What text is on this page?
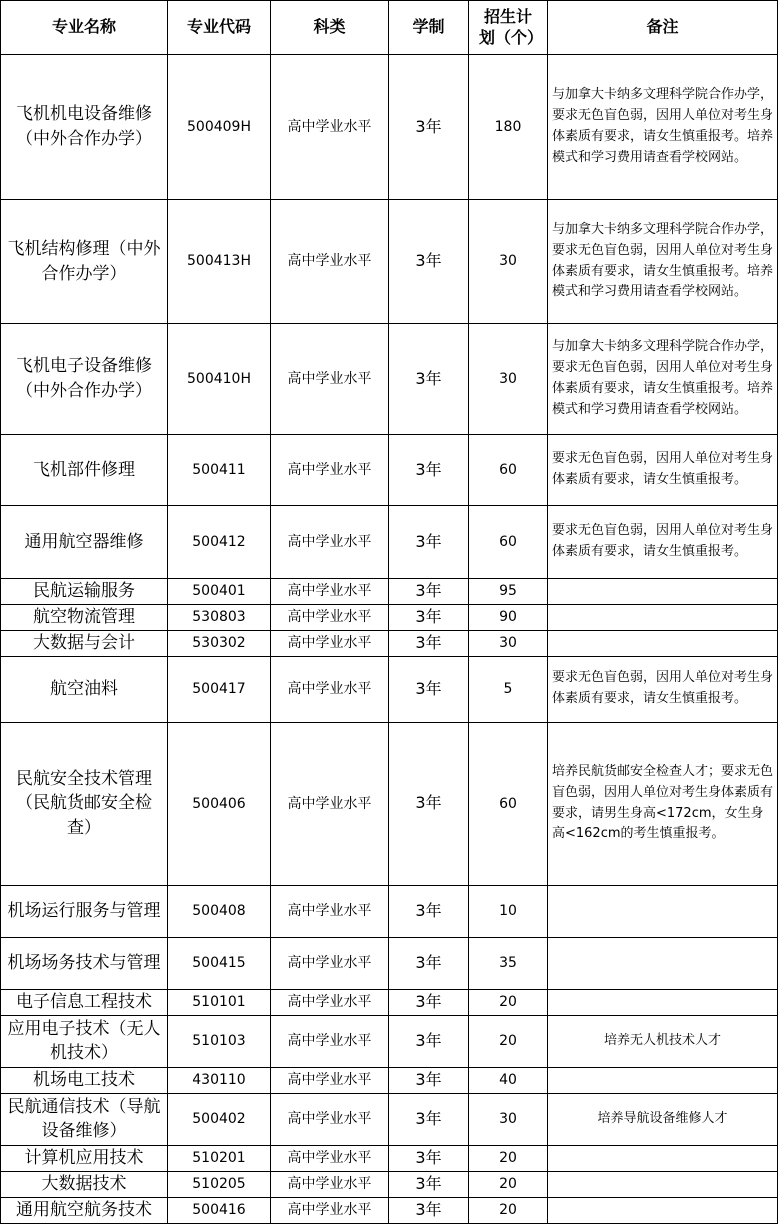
专业名称	专业代码	科类	学制	招生计划（个）	备注
飞机机电设备维修（中外合作办学）	500409H	高中学业水平	3年	180	与加拿大卡纳多文理科学院合作办学，要求无色盲色弱，因用人单位对考生身体素质有要求，请女生慎重报考。培养模式和学习费用请查看学校网站。
飞机结构修理（中外合作办学）	500413H	高中学业水平	3年	30	与加拿大卡纳多文理科学院合作办学，要求无色盲色弱，因用人单位对考生身体素质有要求，请女生慎重报考。培养模式和学习费用请查看学校网站。
飞机电子设备维修（中外合作办学）	500410H	高中学业水平	3年	30	与加拿大卡纳多文理科学院合作办学，要求无色盲色弱，因用人单位对考生身体素质有要求，请女生慎重报考。培养模式和学习费用请查看学校网站。
飞机部件修理	500411	高中学业水平	3年	60	要求无色盲色弱，因用人单位对考生身体素质有要求，请女生慎重报考。
通用航空器维修	500412	高中学业水平	3年	60	要求无色盲色弱，因用人单位对考生身体素质有要求，请女生慎重报考。
民航运输服务	500401	高中学业水平	3年	95	
航空物流管理	530803	高中学业水平	3年	90	
大数据与会计	530302	高中学业水平	3年	30	
航空油料	500417	高中学业水平	3年	5	要求无色盲色弱，因用人单位对考生身体素质有要求，请女生慎重报考。
民航安全技术管理（民航货邮安全检查）	500406	高中学业水平	3年	60	培养民航货邮安全检查人才；要求无色盲色弱，因用人单位对考生身体素质有要求，请男生身高<172cm，女生身高<162cm的考生慎重报考。
机场运行服务与管理	500408	高中学业水平	3年	10	
机场场务技术与管理	500415	高中学业水平	3年	35	
电子信息工程技术	510101	高中学业水平	3年	20	
应用电子技术（无人机技术）	510103	高中学业水平	3年	20	培养无人机技术人才
机场电工技术	430110	高中学业水平	3年	40	
民航通信技术（导航设备维修）	500402	高中学业水平	3年	30	培养导航设备维修人才
计算机应用技术	510201	高中学业水平	3年	20	
大数据技术	510205	高中学业水平	3年	20	
通用航空航务技术	500416	高中学业水平	3年	20	
